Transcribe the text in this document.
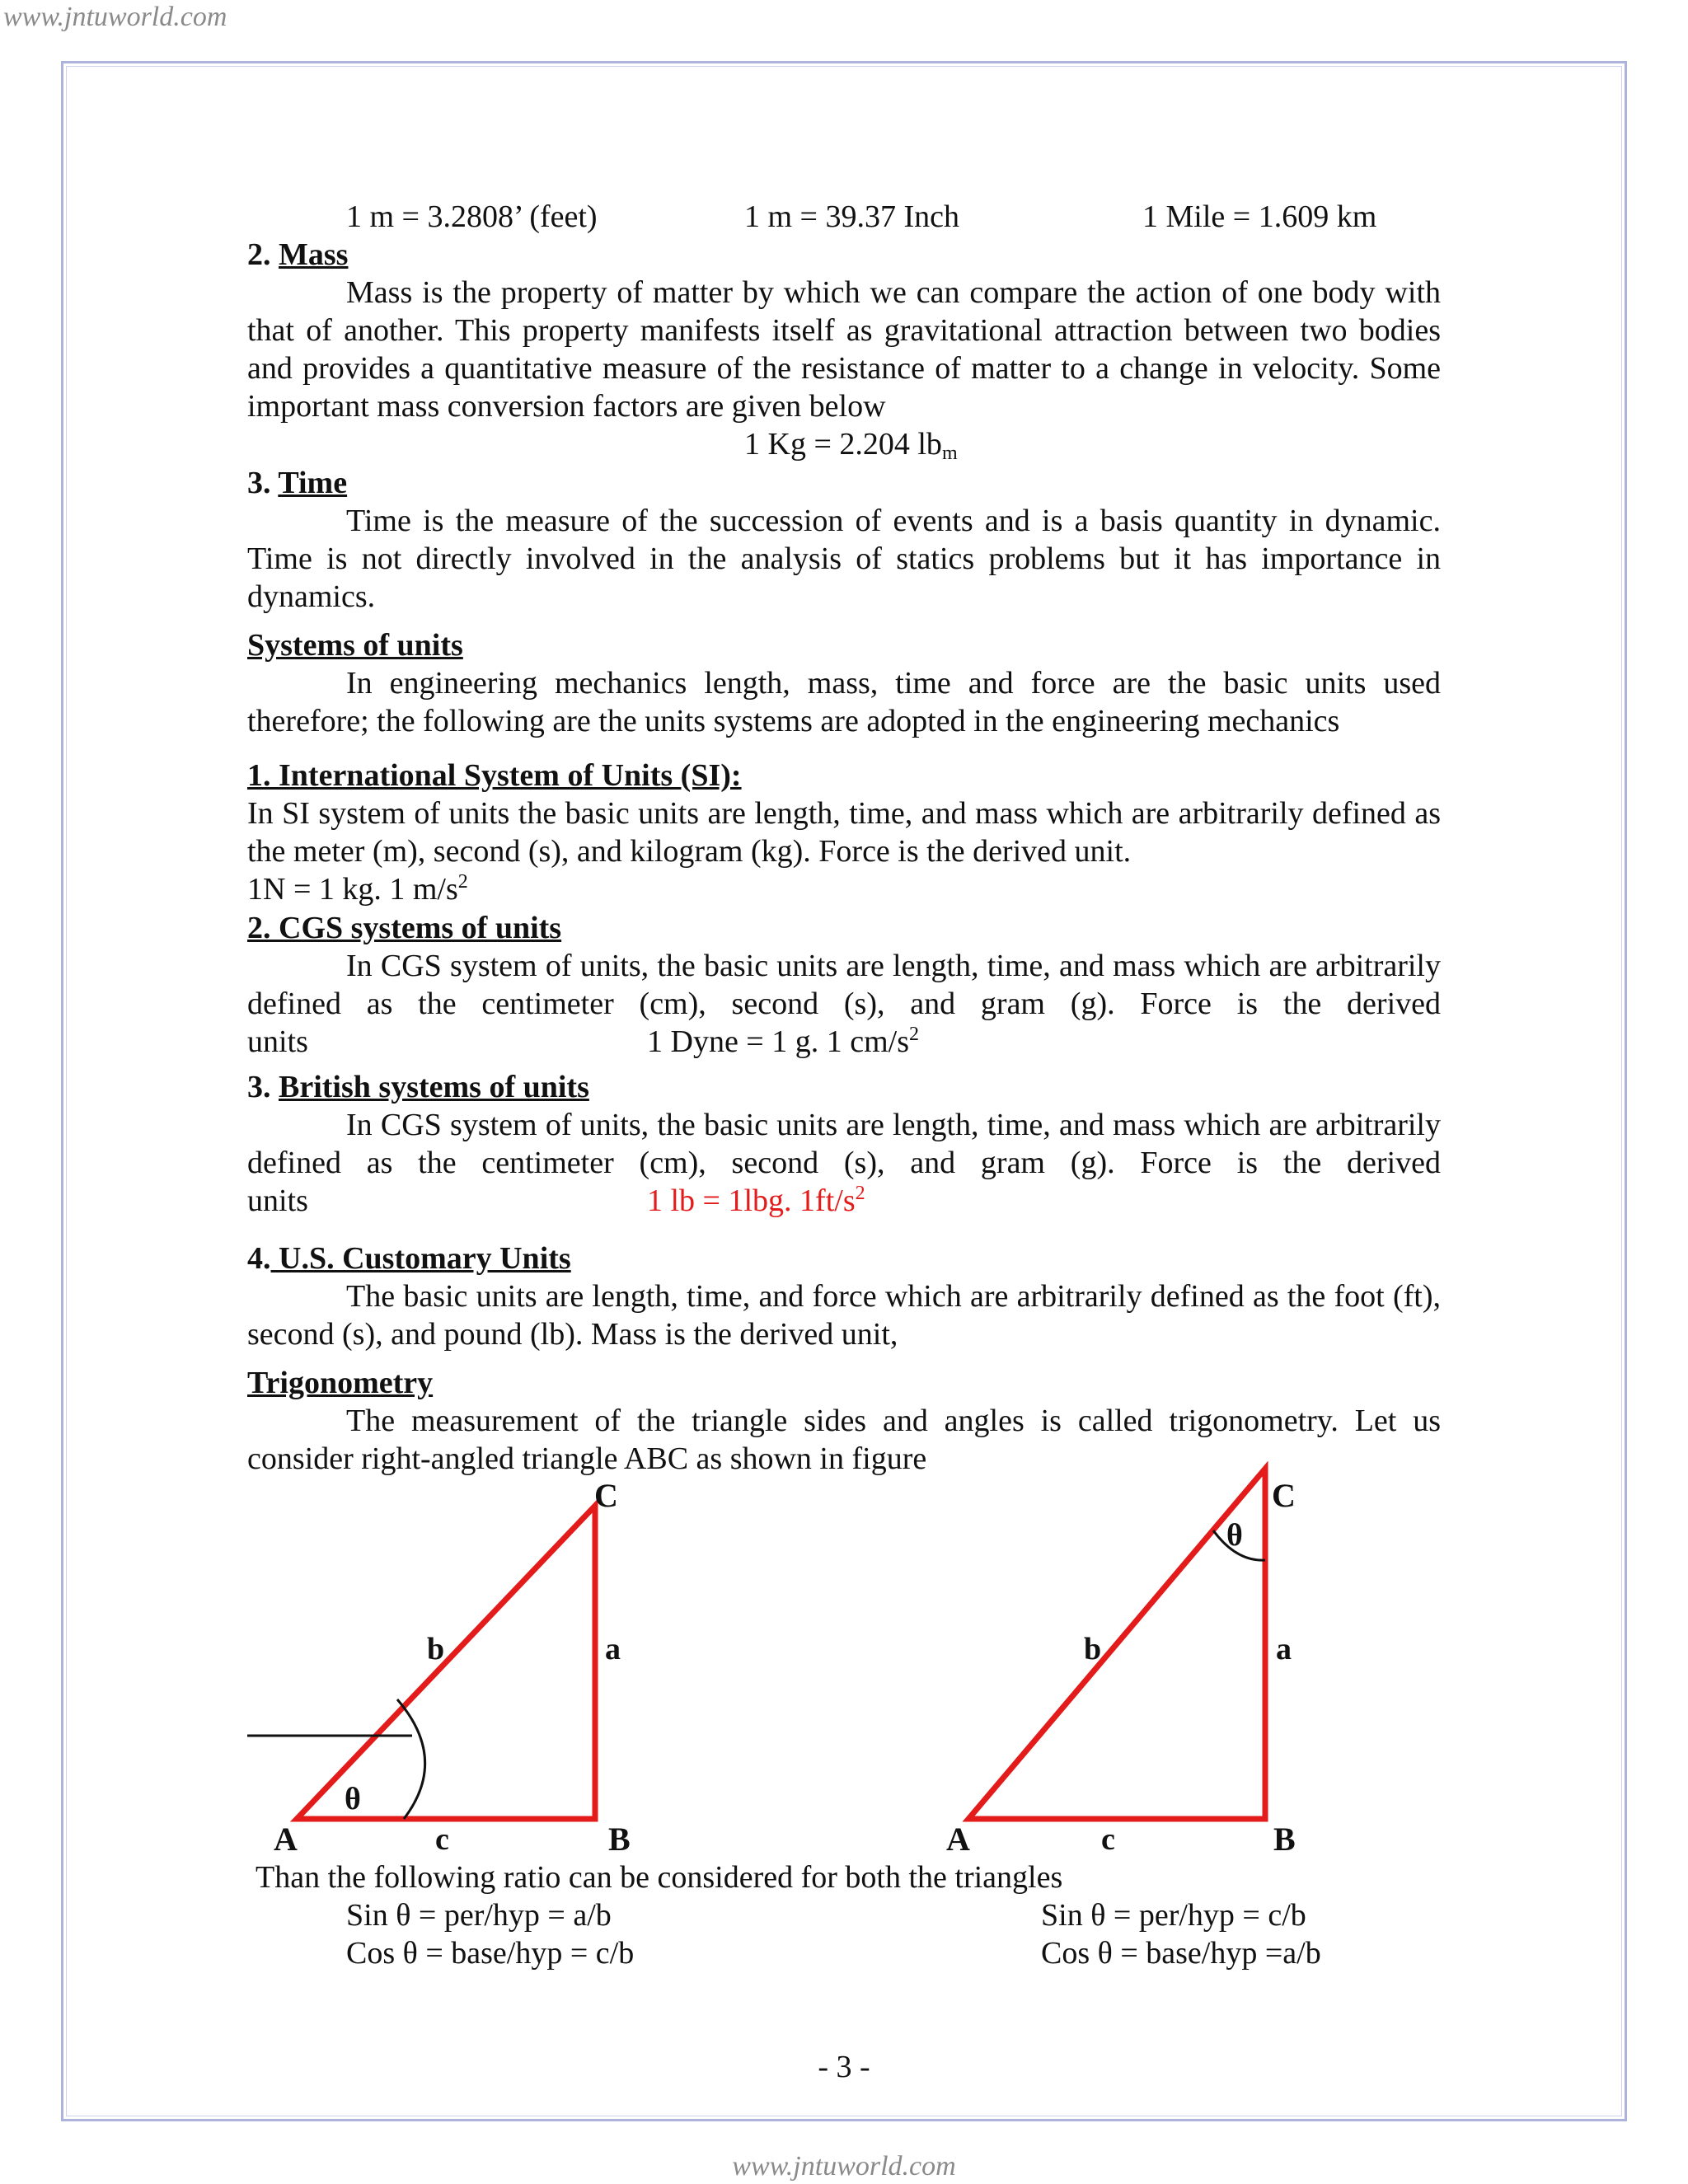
www.jntuworld.com
1 m = 3.2808’ (feet)	1 m = 39.37 Inch	1 Mile = 1.609 km
2. Mass
Mass is the property of matter by which we can compare the action of one body with that of another. This property manifests itself as gravitational attraction between two bodies and provides a quantitative measure of the resistance of matter to a change in velocity. Some important mass conversion factors are given below
1 Kg = 2.204 $lb_m$
3. Time
Time is the measure of the succession of events and is a basis quantity in dynamic. Time is not directly involved in the analysis of statics problems but it has importance in dynamics.
Systems of units
In engineering mechanics length, mass, time and force are the basic units used therefore; the following are the units systems are adopted in the engineering mechanics
1. International System of Units (SI):
In SI system of units the basic units are length, time, and mass which are arbitrarily defined as the meter (m), second (s), and kilogram (kg). Force is the derived unit.
1N = 1 kg. 1 $m/s^2$
2. CGS systems of units
In CGS system of units, the basic units are length, time, and mass which are arbitrarily defined as the centimeter (cm), second (s), and gram (g). Force is the derived
units	1 Dyne = 1 g. 1 $cm/s^2$
3. British systems of units
In CGS system of units, the basic units are length, time, and mass which are arbitrarily defined as the centimeter (cm), second (s), and gram (g). Force is the derived
units	1 lb = 1lbg. $1ft/s^2$
4. U.S. Customary Units
The basic units are length, time, and force which are arbitrarily defined as the foot (ft), second (s), and pound (lb). Mass is the derived unit,
Trigonometry
The measurement of the triangle sides and angles is called trigonometry. Let us consider right-angled triangle ABC as shown in figure
C
b	a
θ
A	c	B
C
θ
b	a
A	c	B
Than the following ratio can be considered for both the triangles
Sin θ = per/hyp = a/b
Cos θ = base/hyp = c/b
Sin θ = per/hyp = c/b
Cos θ = base/hyp =a/b
- 3 -
www.jntuworld.com
